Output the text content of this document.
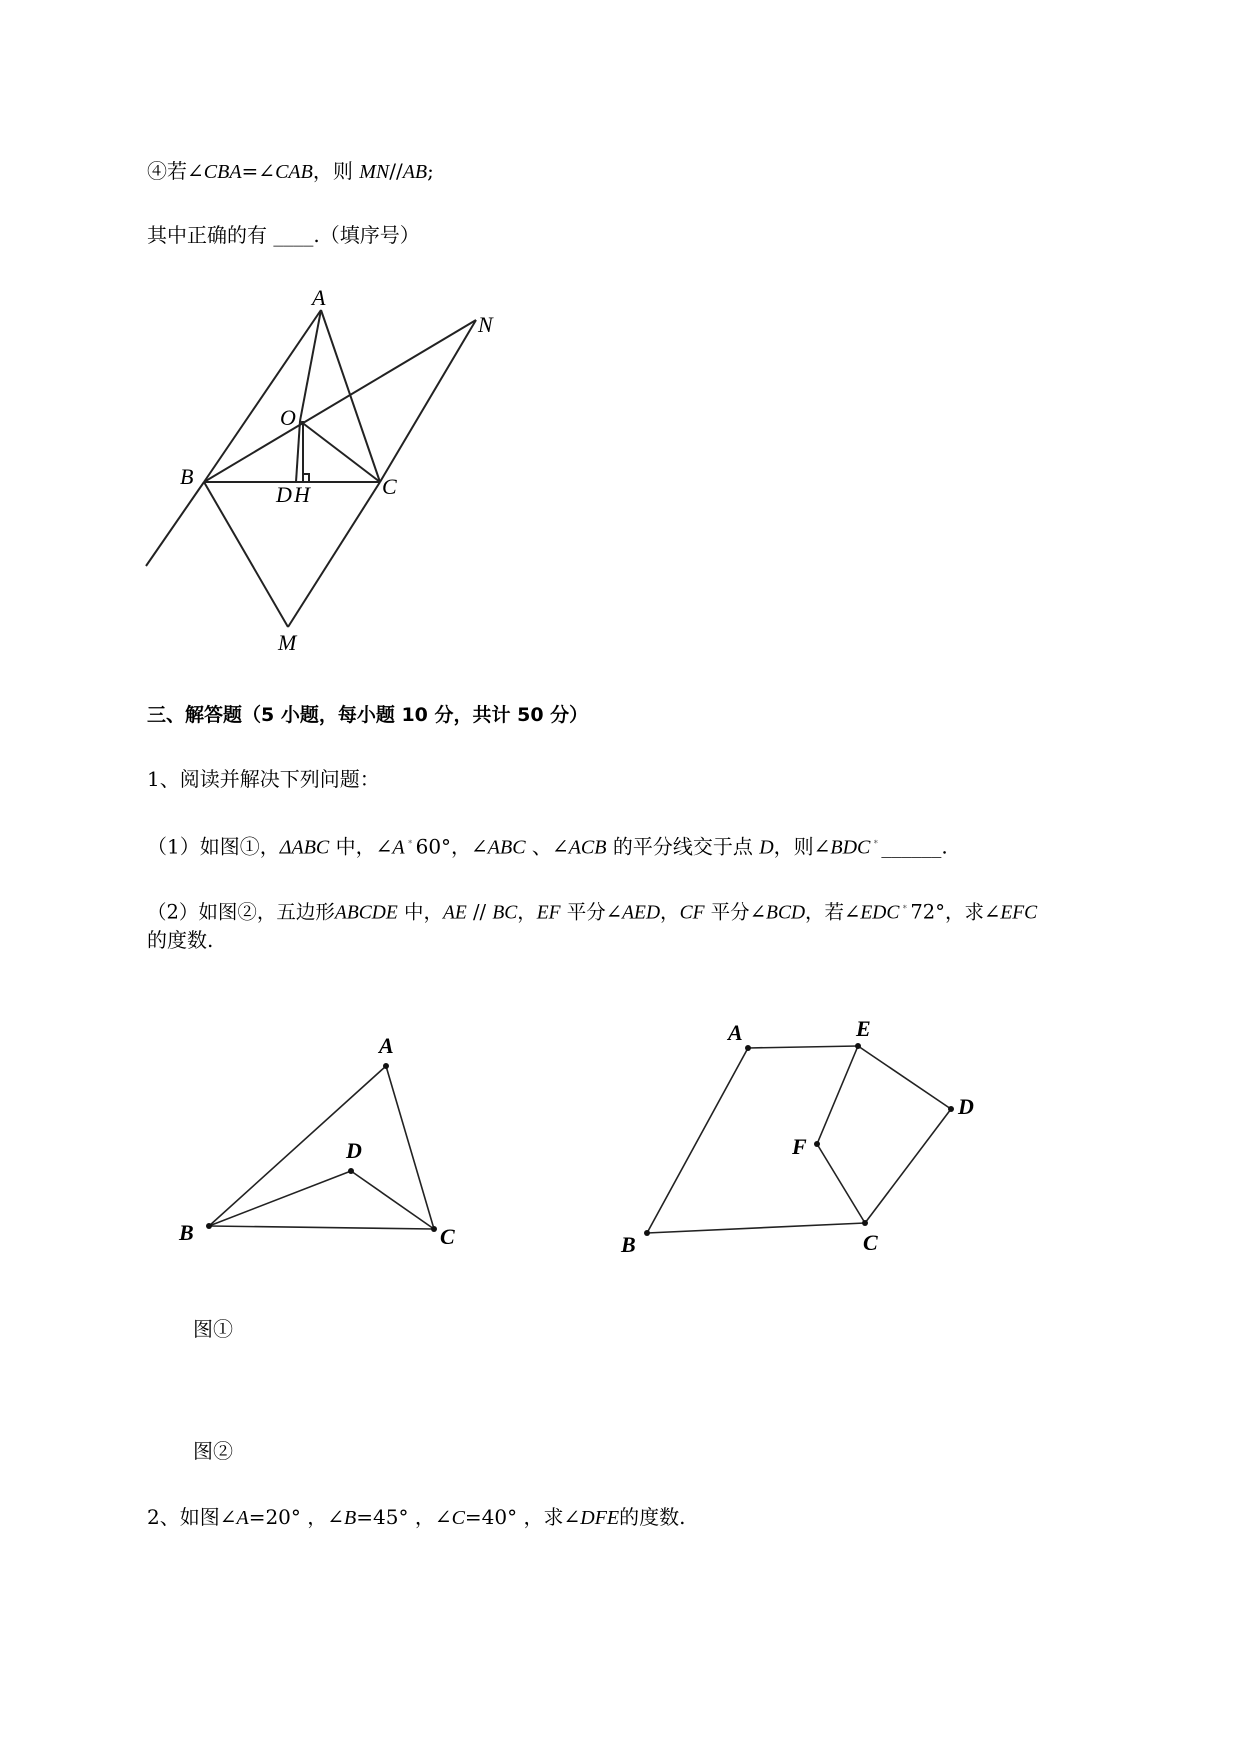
④若∠CBA=∠CAB，则 MN//AB;
其中正确的有 ____.（填序号）
A
N
O
B
D H	C
M
三、解答题（5 小题，每小题 10 分，共计 50 分）
1、阅读并解决下列问题：
（1）如图①，ΔABC 中，∠A﹡60°，∠ABC 、∠ACB 的平分线交于点 D，则∠BDC﹡______.
（2）如图②，五边形ABCDE 中，AE // BC，EF 平分∠AED，CF 平分∠BCD，若∠EDC﹡72°，求∠EFC
的度数.
A
D
B	C
A	E
D
F
B	C
图①
图②
2、如图∠A=20° ，∠B=45° ，∠C=40° ，求∠DFE的度数.
